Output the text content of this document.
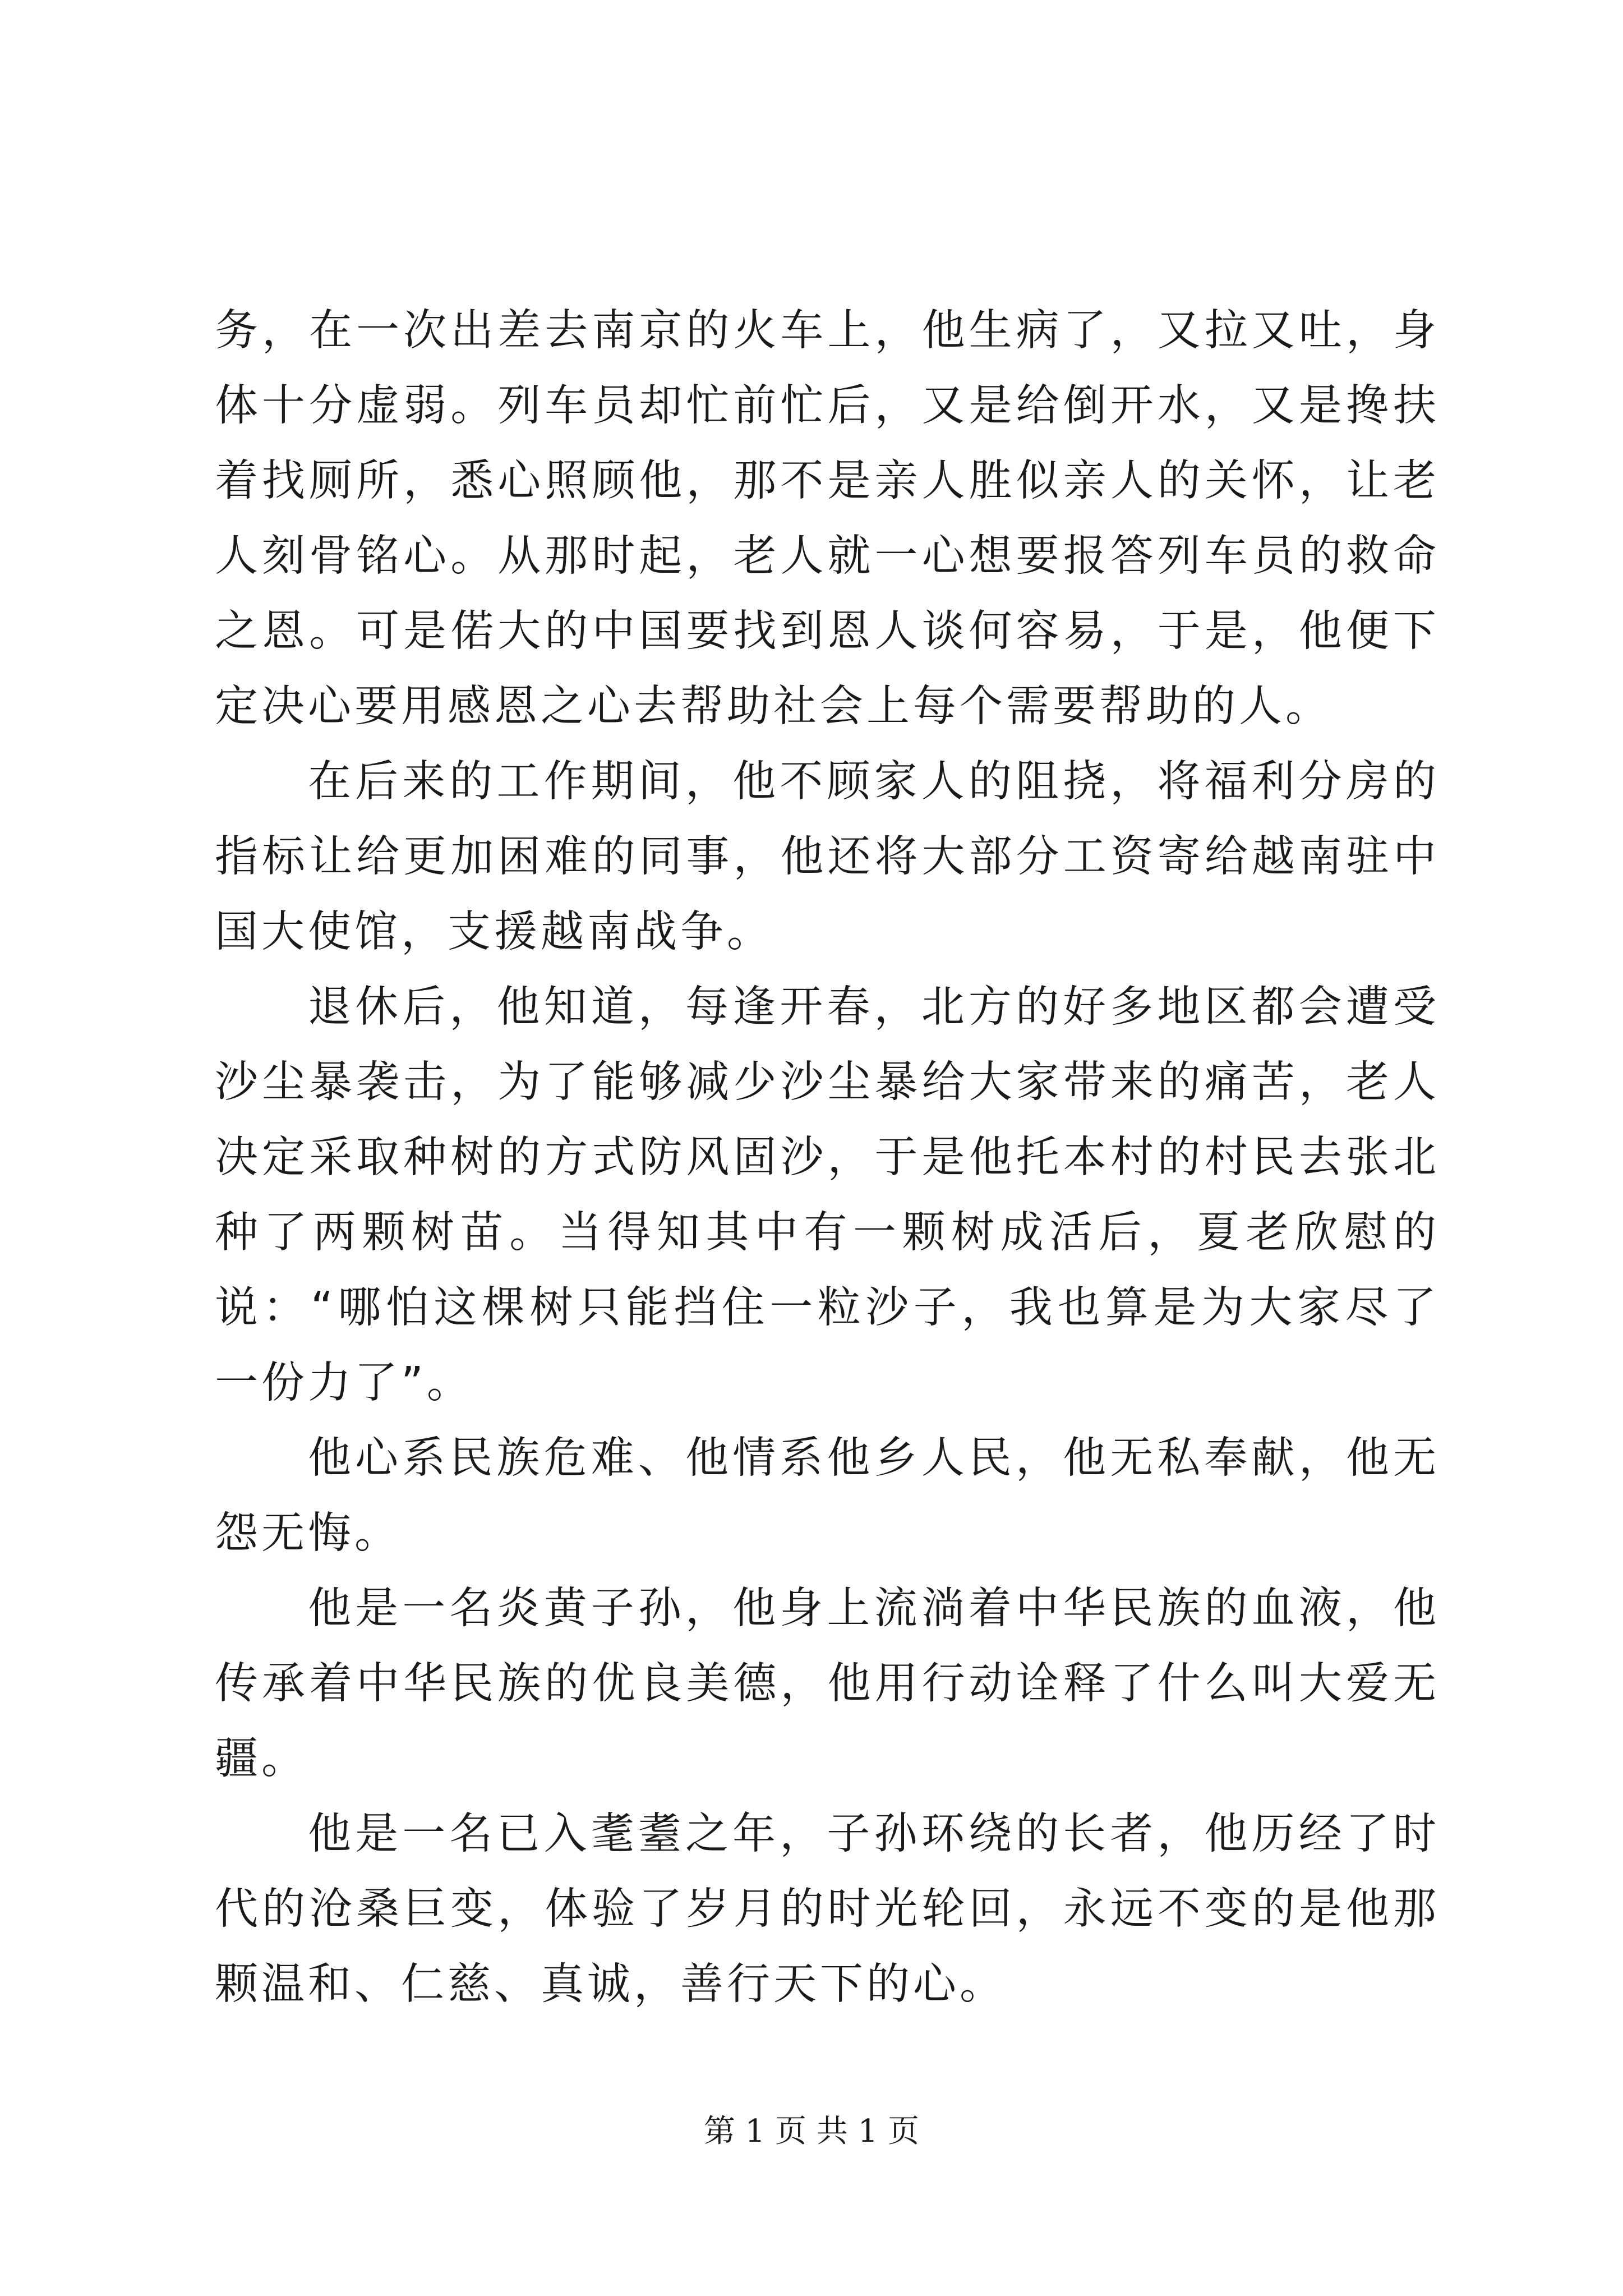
务，在一次出差去南京的火车上，他生病了，又拉又吐，身体十分虚弱。列车员却忙前忙后，又是给倒开水，又是搀扶着找厕所，悉心照顾他，那不是亲人胜似亲人的关怀，让老人刻骨铭心。从那时起，老人就一心想要报答列车员的救命之恩。可是偌大的中国要找到恩人谈何容易，于是，他便下定决心要用感恩之心去帮助社会上每个需要帮助的人。

在后来的工作期间，他不顾家人的阻挠，将福利分房的指标让给更加困难的同事，他还将大部分工资寄给越南驻中国大使馆，支援越南战争。

退休后，他知道，每逢开春，北方的好多地区都会遭受沙尘暴袭击，为了能够减少沙尘暴给大家带来的痛苦，老人决定采取种树的方式防风固沙，于是他托本村的村民去张北种了两颗树苗。当得知其中有一颗树成活后，夏老欣慰的说：“哪怕这棵树只能挡住一粒沙子，我也算是为大家尽了一份力了”。

他心系民族危难、他情系他乡人民，他无私奉献，他无怨无悔。

他是一名炎黄子孙，他身上流淌着中华民族的血液，他传承着中华民族的优良美德，他用行动诠释了什么叫大爱无疆。

他是一名已入耄耋之年，子孙环绕的长者，他历经了时代的沧桑巨变，体验了岁月的时光轮回，永远不变的是他那颗温和、仁慈、真诚，善行天下的心。

第 1 页 共 1 页
